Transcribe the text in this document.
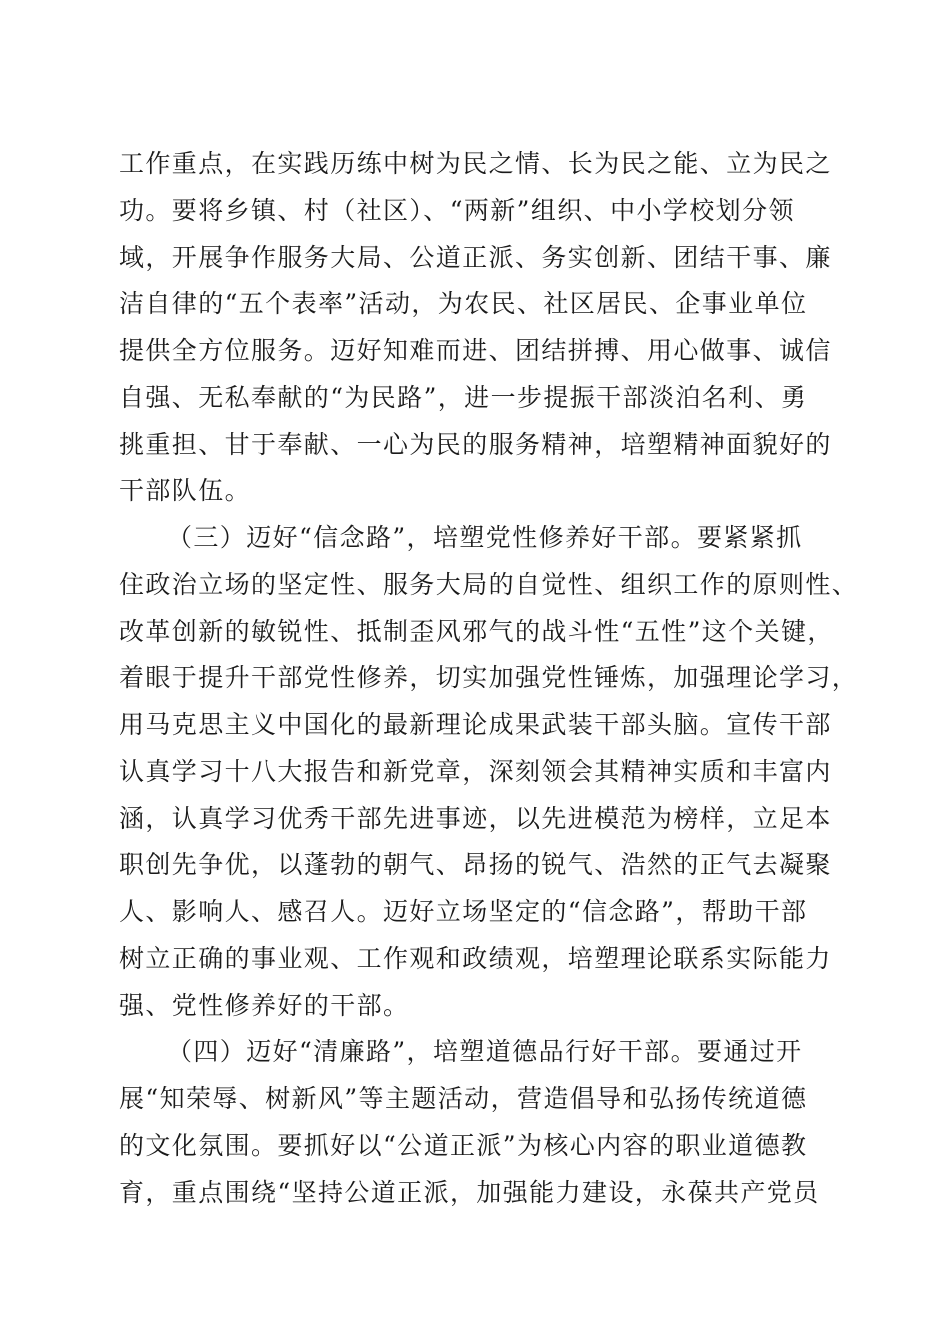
工作重点，在实践历练中树为民之情、长为民之能、立为民之
功。要将乡镇、村（社区）、“两新”组织、中小学校划分领
域，开展争作服务大局、公道正派、务实创新、团结干事、廉
洁自律的“五个表率”活动，为农民、社区居民、企事业单位
提供全方位服务。迈好知难而进、团结拼搏、用心做事、诚信
自强、无私奉献的“为民路”，进一步提振干部淡泊名利、勇
挑重担、甘于奉献、一心为民的服务精神，培塑精神面貌好的
干部队伍。
（三）迈好“信念路”，培塑党性修养好干部。要紧紧抓
住政治立场的坚定性、服务大局的自觉性、组织工作的原则性、
改革创新的敏锐性、抵制歪风邪气的战斗性“五性”这个关键，
着眼于提升干部党性修养，切实加强党性锤炼，加强理论学习，
用马克思主义中国化的最新理论成果武装干部头脑。宣传干部
认真学习十八大报告和新党章，深刻领会其精神实质和丰富内
涵，认真学习优秀干部先进事迹，以先进模范为榜样，立足本
职创先争优，以蓬勃的朝气、昂扬的锐气、浩然的正气去凝聚
人、影响人、感召人。迈好立场坚定的“信念路”，帮助干部
树立正确的事业观、工作观和政绩观，培塑理论联系实际能力
强、党性修养好的干部。
（四）迈好“清廉路”，培塑道德品行好干部。要通过开
展“知荣辱、树新风”等主题活动，营造倡导和弘扬传统道德
的文化氛围。要抓好以“公道正派”为核心内容的职业道德教
育，重点围绕“坚持公道正派，加强能力建设，永葆共产党员
